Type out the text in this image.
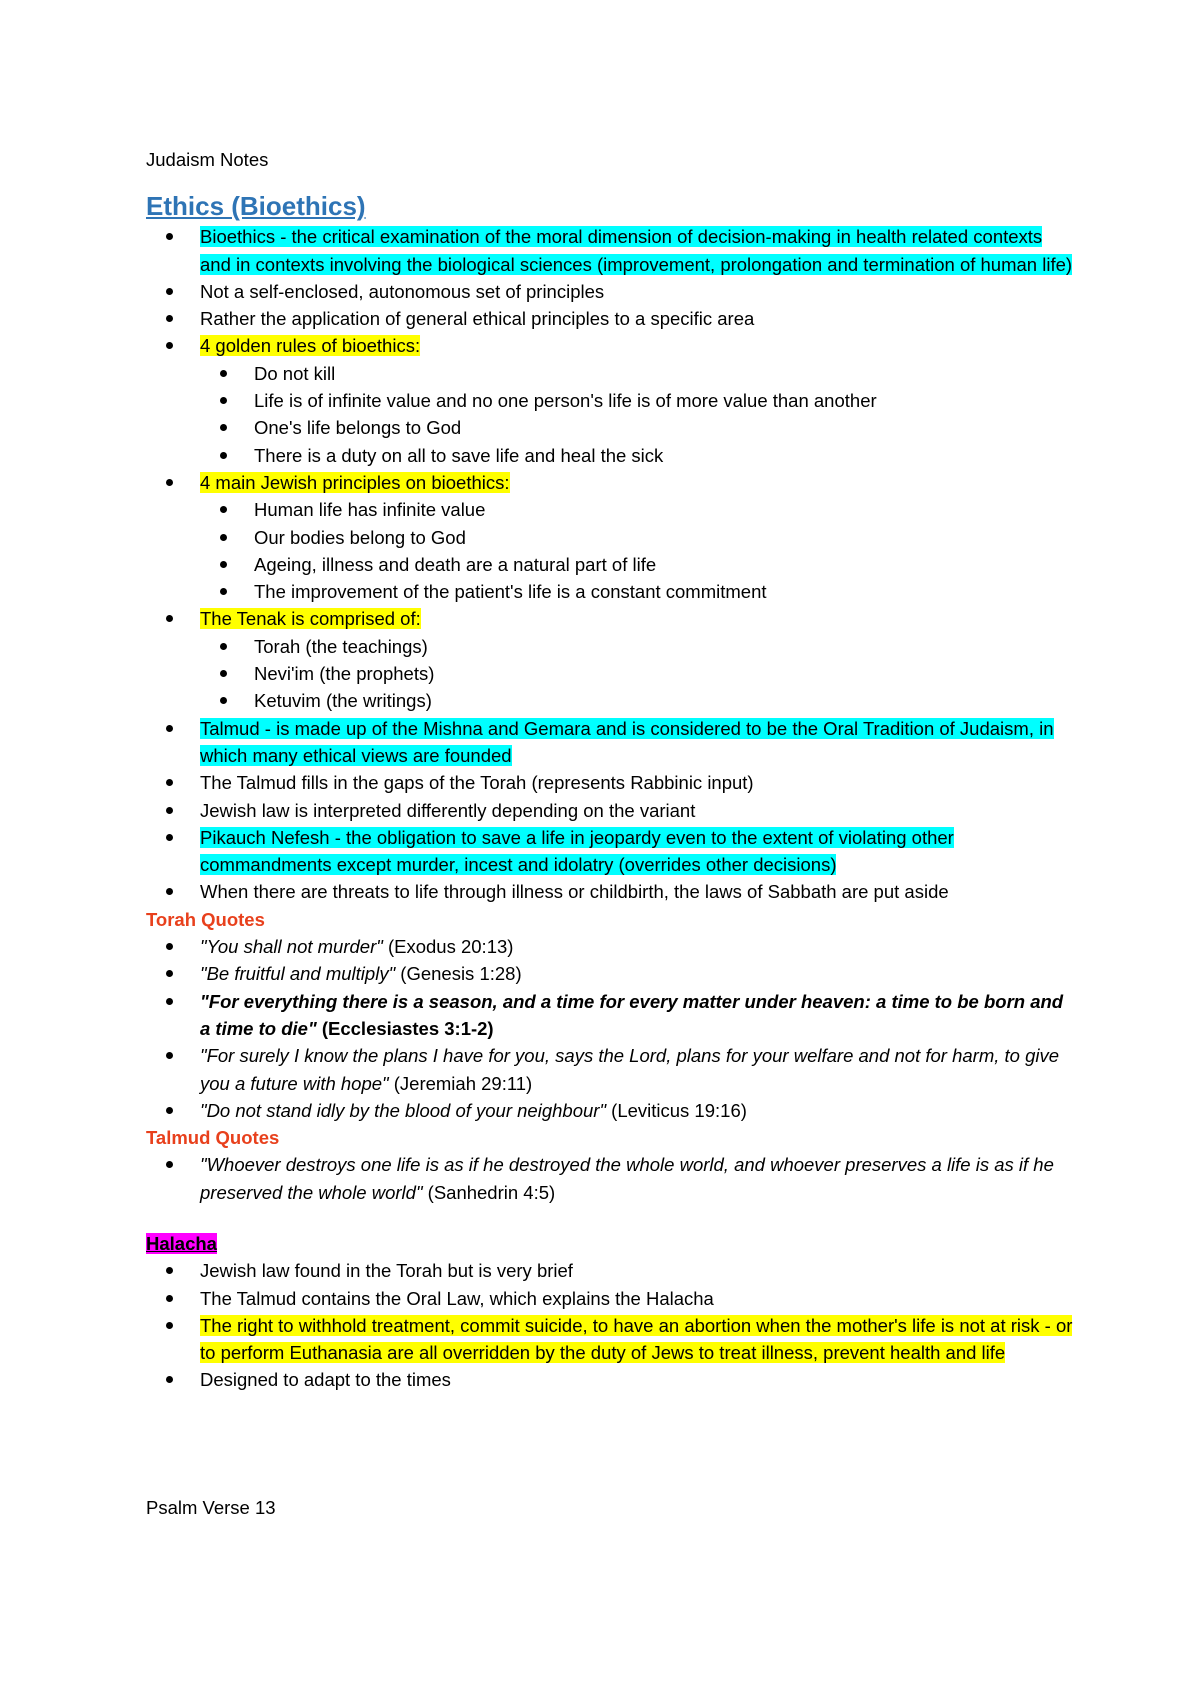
Judaism Notes

Ethics (Bioethics)
Bioethics - the critical examination of the moral dimension of decision-making in health related contexts and in contexts involving the biological sciences (improvement, prolongation and termination of human life)
Not a self-enclosed, autonomous set of principles
Rather the application of general ethical principles to a specific area
4 golden rules of bioethics:
Do not kill
Life is of infinite value and no one person's life is of more value than another
One's life belongs to God
There is a duty on all to save life and heal the sick
4 main Jewish principles on bioethics:
Human life has infinite value
Our bodies belong to God
Ageing, illness and death are a natural part of life
The improvement of the patient's life is a constant commitment
The Tenak is comprised of:
Torah (the teachings)
Nevi'im (the prophets)
Ketuvim (the writings)
Talmud - is made up of the Mishna and Gemara and is considered to be the Oral Tradition of Judaism, in which many ethical views are founded
The Talmud fills in the gaps of the Torah (represents Rabbinic input)
Jewish law is interpreted differently depending on the variant
Pikauch Nefesh - the obligation to save a life in jeopardy even to the extent of violating other commandments except murder, incest and idolatry (overrides other decisions)
When there are threats to life through illness or childbirth, the laws of Sabbath are put aside
Torah Quotes
"You shall not murder" (Exodus 20:13)
"Be fruitful and multiply" (Genesis 1:28)
"For everything there is a season, and a time for every matter under heaven: a time to be born and a time to die" (Ecclesiastes 3:1-2)
"For surely I know the plans I have for you, says the Lord, plans for your welfare and not for harm, to give you a future with hope" (Jeremiah 29:11)
"Do not stand idly by the blood of your neighbour" (Leviticus 19:16)
Talmud Quotes
"Whoever destroys one life is as if he destroyed the whole world, and whoever preserves a life is as if he preserved the whole world" (Sanhedrin 4:5)
Halacha
Jewish law found in the Torah but is very brief
The Talmud contains the Oral Law, which explains the Halacha
The right to withhold treatment, commit suicide, to have an abortion when the mother's life is not at risk - or to perform Euthanasia are all overridden by the duty of Jews to treat illness, prevent health and life
Designed to adapt to the times

Psalm Verse 13
